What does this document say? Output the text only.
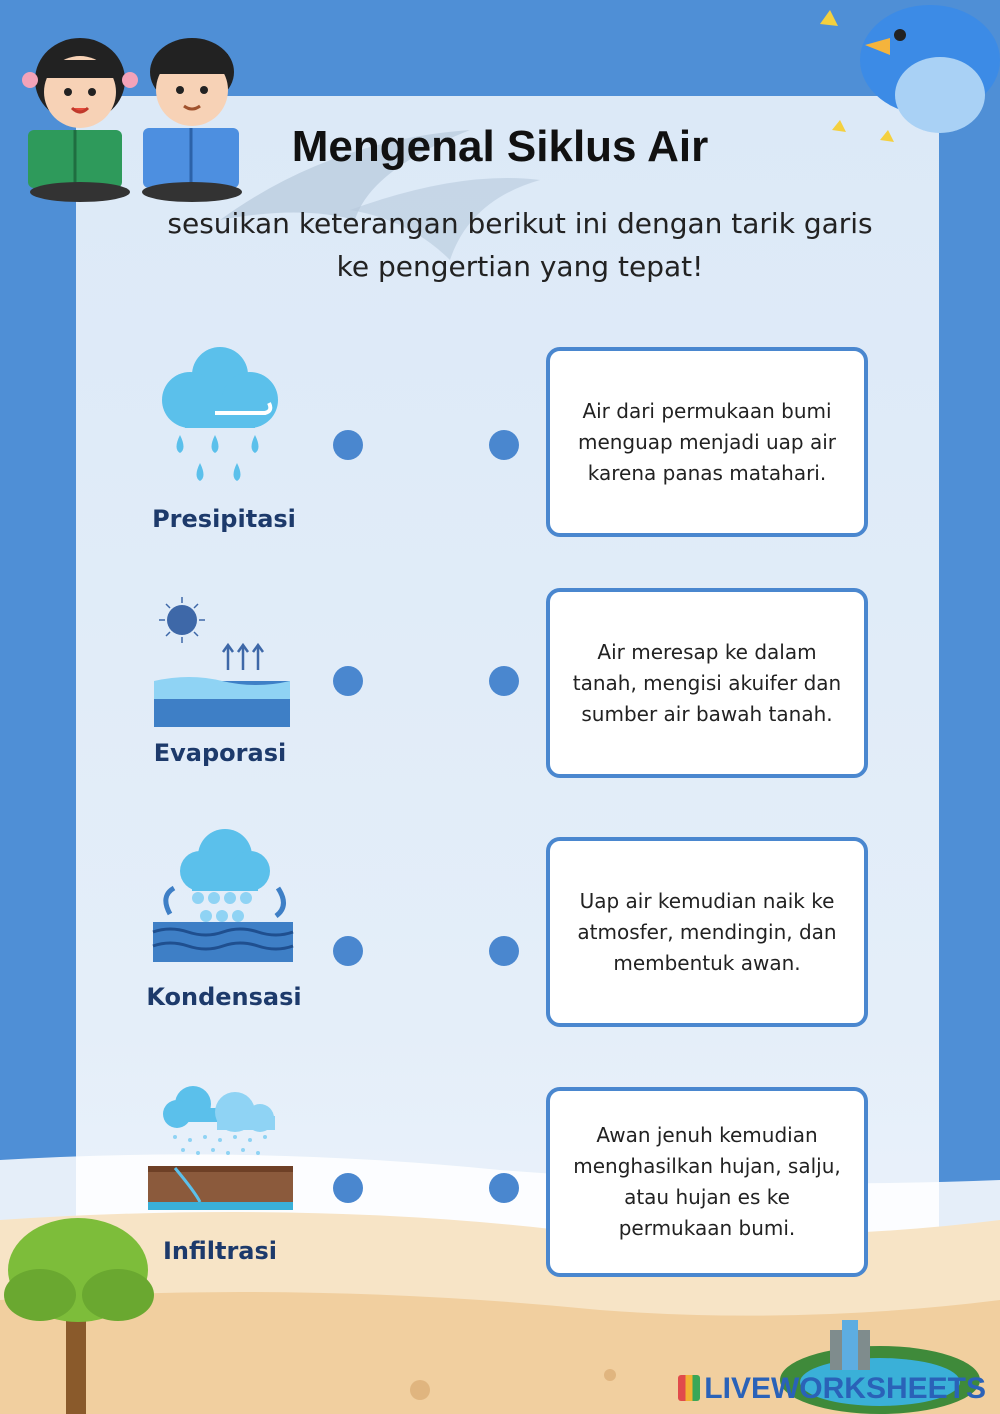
Mengenal Siklus Air
sesuikan keterangan berikut ini dengan tarik garis ke pengertian yang tepat!
Presipitasi
Air dari permukaan bumi menguap menjadi uap air karena panas matahari.
Evaporasi
Air meresap ke dalam tanah, mengisi akuifer dan sumber air bawah tanah.
Kondensasi
Uap air kemudian naik ke atmosfer, mendingin, dan membentuk awan.
Infiltrasi
Awan jenuh kemudian menghasilkan hujan, salju, atau hujan es ke permukaan bumi.
LIVEWORKSHEETS
